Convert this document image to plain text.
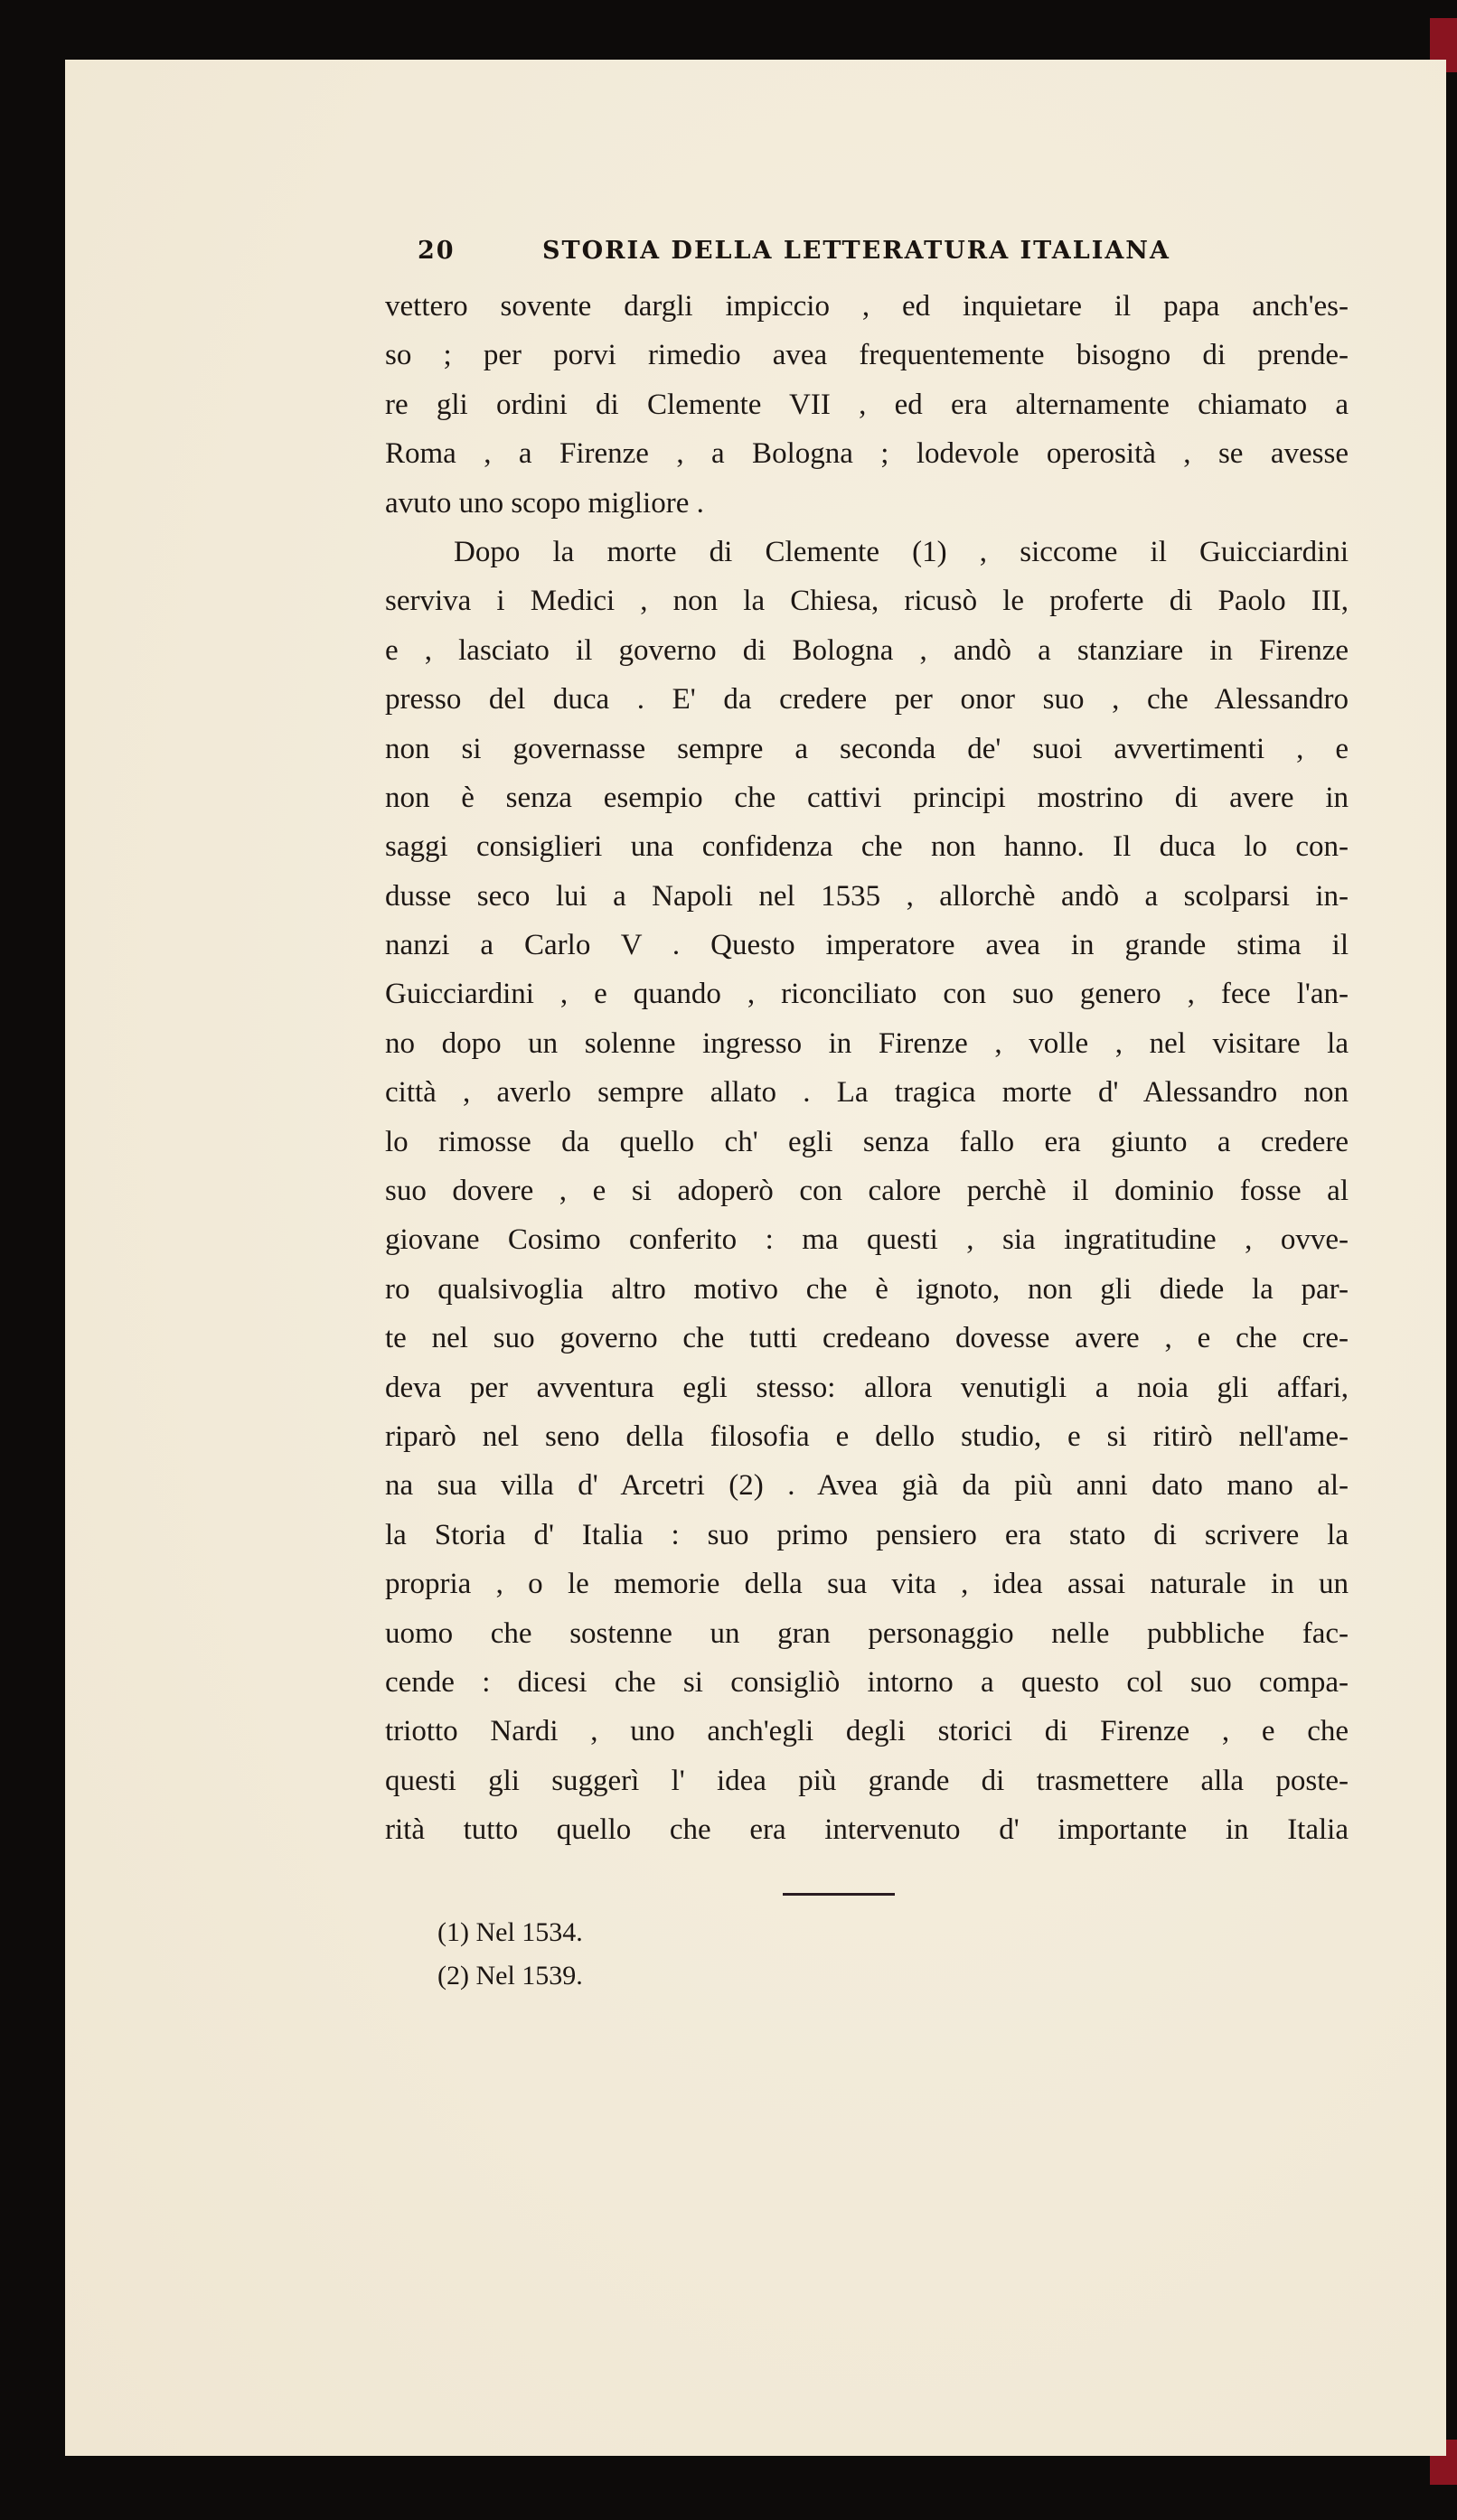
20	STORIA DELLA LETTERATURA ITALIANA
vettero sovente dargli impiccio , ed inquietare il papa anch'es-
so ; per porvi rimedio avea frequentemente bisogno di prende-
re gli ordini di Clemente VII , ed era alternamente chiamato a
Roma , a Firenze , a Bologna ; lodevole operosità , se avesse
avuto uno scopo migliore .
Dopo la morte di Clemente (1) , siccome il Guicciardini
serviva i Medici , non la Chiesa, ricusò le proferte di Paolo III,
e , lasciato il governo di Bologna , andò a stanziare in Firenze
presso del duca . E' da credere per onor suo , che Alessandro
non si governasse sempre a seconda de' suoi avvertimenti , e
non è senza esempio che cattivi principi mostrino di avere in
saggi consiglieri una confidenza che non hanno. Il duca lo con-
dusse seco lui a Napoli nel 1535 , allorchè andò a scolparsi in-
nanzi a Carlo V . Questo imperatore avea in grande stima il
Guicciardini , e quando , riconciliato con suo genero , fece l'an-
no dopo un solenne ingresso in Firenze , volle , nel visitare la
città , averlo sempre allato . La tragica morte d' Alessandro non
lo rimosse da quello ch' egli senza fallo era giunto a credere
suo dovere , e si adoperò con calore perchè il dominio fosse al
giovane Cosimo conferito : ma questi , sia ingratitudine , ovve-
ro qualsivoglia altro motivo che è ignoto, non gli diede la par-
te nel suo governo che tutti credeano dovesse avere , e che cre-
deva per avventura egli stesso: allora venutigli a noia gli affari,
riparò nel seno della filosofia e dello studio, e si ritirò nell'ame-
na sua villa d' Arcetri (2) . Avea già da più anni dato mano al-
la Storia d' Italia : suo primo pensiero era stato di scrivere la
propria , o le memorie della sua vita , idea assai naturale in un
uomo che sostenne un gran personaggio nelle pubbliche fac-
cende : dicesi che si consigliò intorno a questo col suo compa-
triotto Nardi , uno anch'egli degli storici di Firenze , e che
questi gli suggerì l' idea più grande di trasmettere alla poste-
rità tutto quello che era intervenuto d' importante in Italia
(1) Nel 1534.
(2) Nel 1539.
